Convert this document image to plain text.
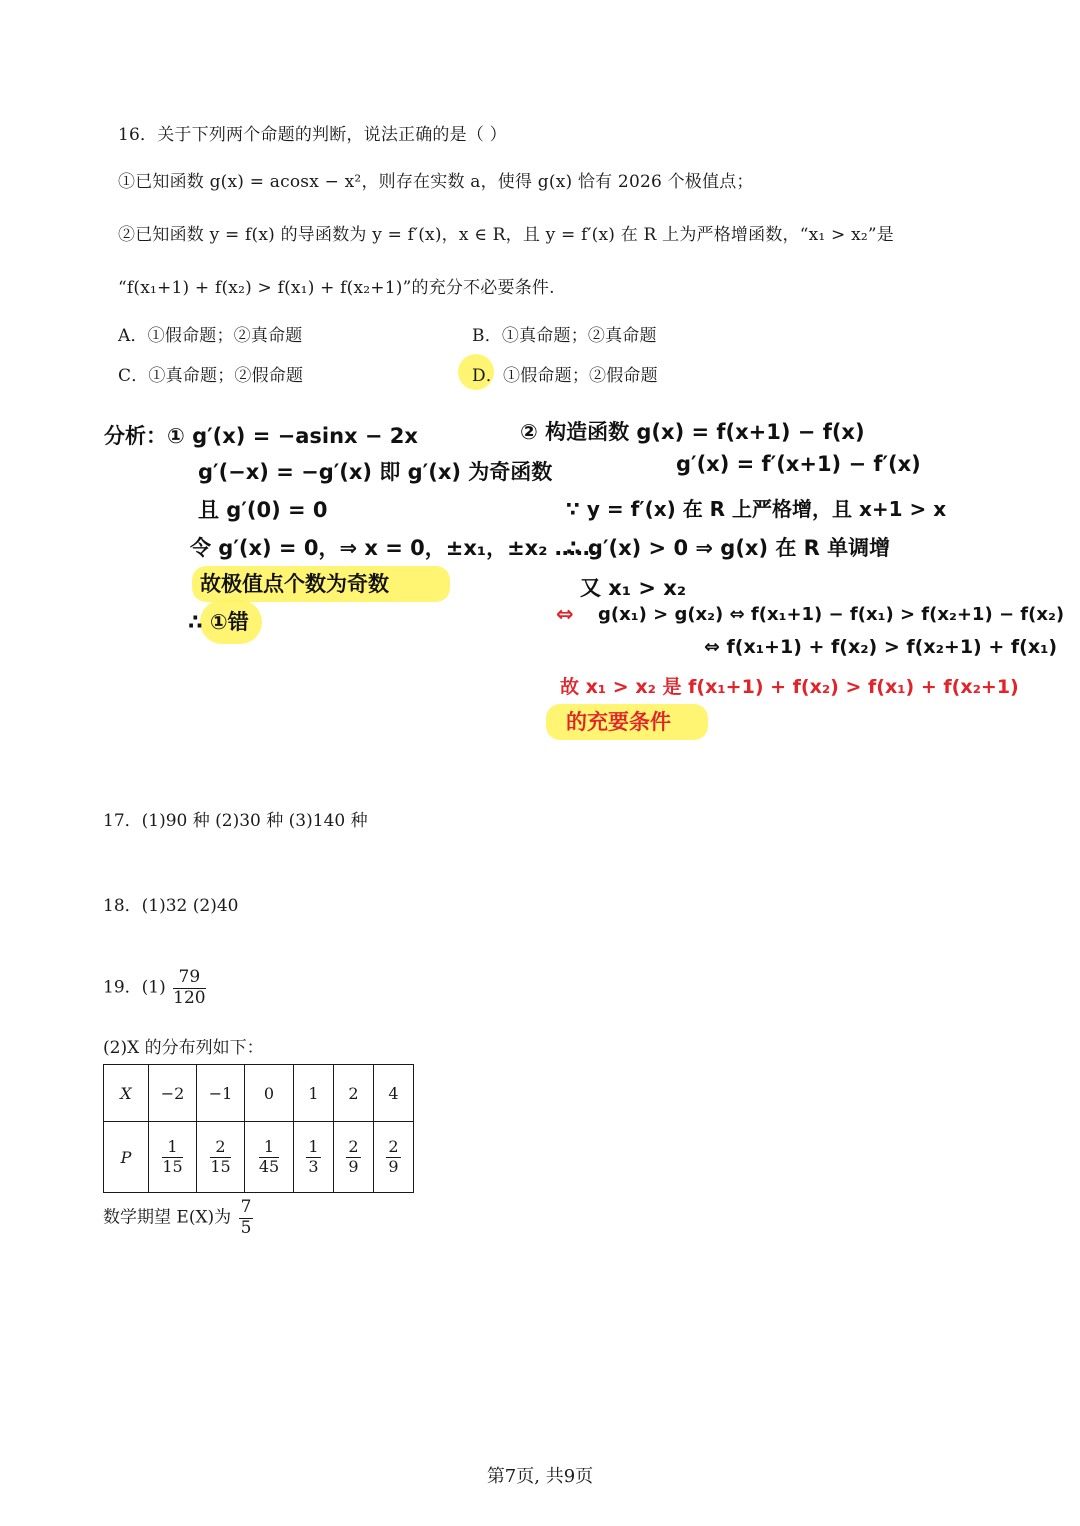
16．关于下列两个命题的判断，说法正确的是（ ）
①已知函数 g(x) = acosx − x²，则存在实数 a，使得 g(x) 恰有 2026 个极值点；
②已知函数 y = f(x) 的导函数为 y = f′(x)，x ∈ R，且 y = f′(x) 在 R 上为严格增函数，“x₁ > x₂”是
“f(x₁+1) + f(x₂) > f(x₁) + f(x₂+1)”的充分不必要条件.
A．①假命题；②真命题	B．①真命题；②真命题
C．①真命题；②假命题	D．①假命题；②假命题
分析：① g′(x) = −asinx − 2x
g′(−x) = −g′(x) 即 g′(x) 为奇函数
且 g′(0) = 0
令 g′(x) = 0，⇒ x = 0，±x₁，±x₂ ……
故极值点个数为奇数
∴ ①错
② 构造函数 g(x) = f(x+1) − f(x)
g′(x) = f′(x+1) − f′(x)
∵ y = f′(x) 在 R 上严格增，且 x+1 > x
∴ g′(x) > 0 ⇒ g(x) 在 R 单调增
又 x₁ > x₂
⇔ g(x₁) > g(x₂) ⇔ f(x₁+1) − f(x₁) > f(x₂+1) − f(x₂)
⇔ f(x₁+1) + f(x₂) > f(x₂+1) + f(x₁)
故 x₁ > x₂ 是 f(x₁+1) + f(x₂) > f(x₁) + f(x₂+1)
的充要条件
17．(1)90 种 (2)30 种 (3)140 种
18．(1)32 (2)40
19．$(1) \frac{79}{120}$
(2)X 的分布列如下：
X	−2	−1	0	1	2	4
P	$\frac{1}{15}$	$\frac{2}{15}$	$\frac{1}{45}$	$\frac{1}{3}$	$\frac{2}{9}$	$\frac{2}{9}$
数学期望 E(X)为 $\frac{7}{5}$
第7页, 共9页
